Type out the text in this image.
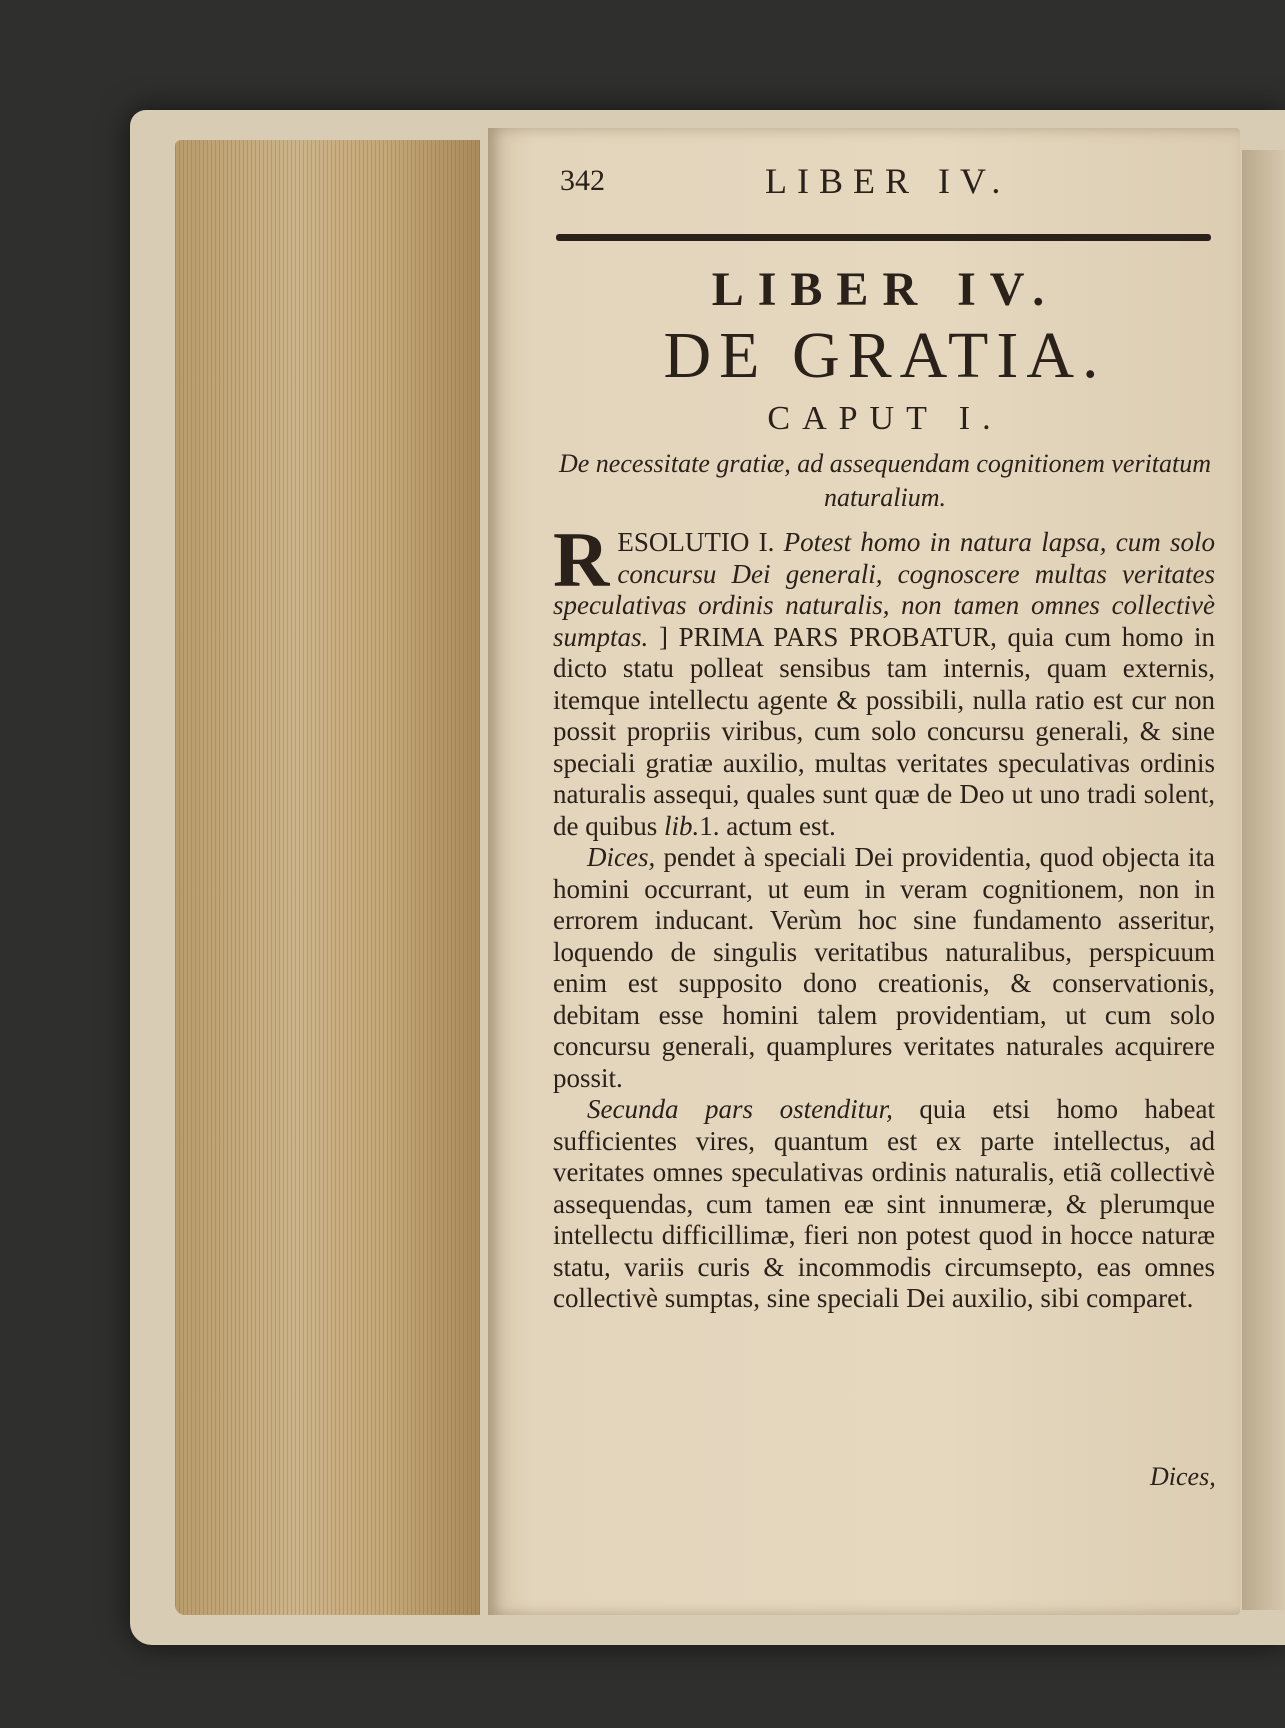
342	LIBER IV.
LIBER IV.
DE GRATIA.
CAPUT I.
De necessitate gratiæ, ad assequendam cognitionem veritatum naturalium.

R ESOLUTIO I. Potest homo in natura lapsa, cum solo concursu Dei generali, cognoscere multas veritates speculativas ordinis naturalis, non tamen omnes collectivè sumptas. ] PRIMA PARS PROBATUR, quia cum homo in dicto statu polleat sensibus tam internis, quam externis, itemque intellectu agente & possibili, nulla ratio est cur non possit propriis viribus, cum solo concursu generali, & sine speciali gratiæ auxilio, multas veritates speculativas ordinis naturalis assequi, quales sunt quæ de Deo ut uno tradi solent, de quibus lib.1. actum est.

Dices, pendet à speciali Dei providentia, quod objecta ita homini occurrant, ut eum in veram cognitionem, non in errorem inducant. Verùm hoc sine fundamento asseritur, loquendo de singulis veritatibus naturalibus, perspicuum enim est supposito dono creationis, & conservationis, debitam esse homini talem providentiam, ut cum solo concursu generali, quamplures veritates naturales acquirere possit.

Secunda pars ostenditur, quia etsi homo habeat sufficientes vires, quantum est ex parte intellectus, ad veritates omnes speculativas ordinis naturalis, etiã collectivè assequendas, cum tamen eæ sint innumeræ, & plerumque intellectu difficillimæ, fieri non potest quod in hocce naturæ statu, variis curis & incommodis circumsepto, eas omnes collectivè sumptas, sine speciali Dei auxilio, sibi comparet.

Dices,
